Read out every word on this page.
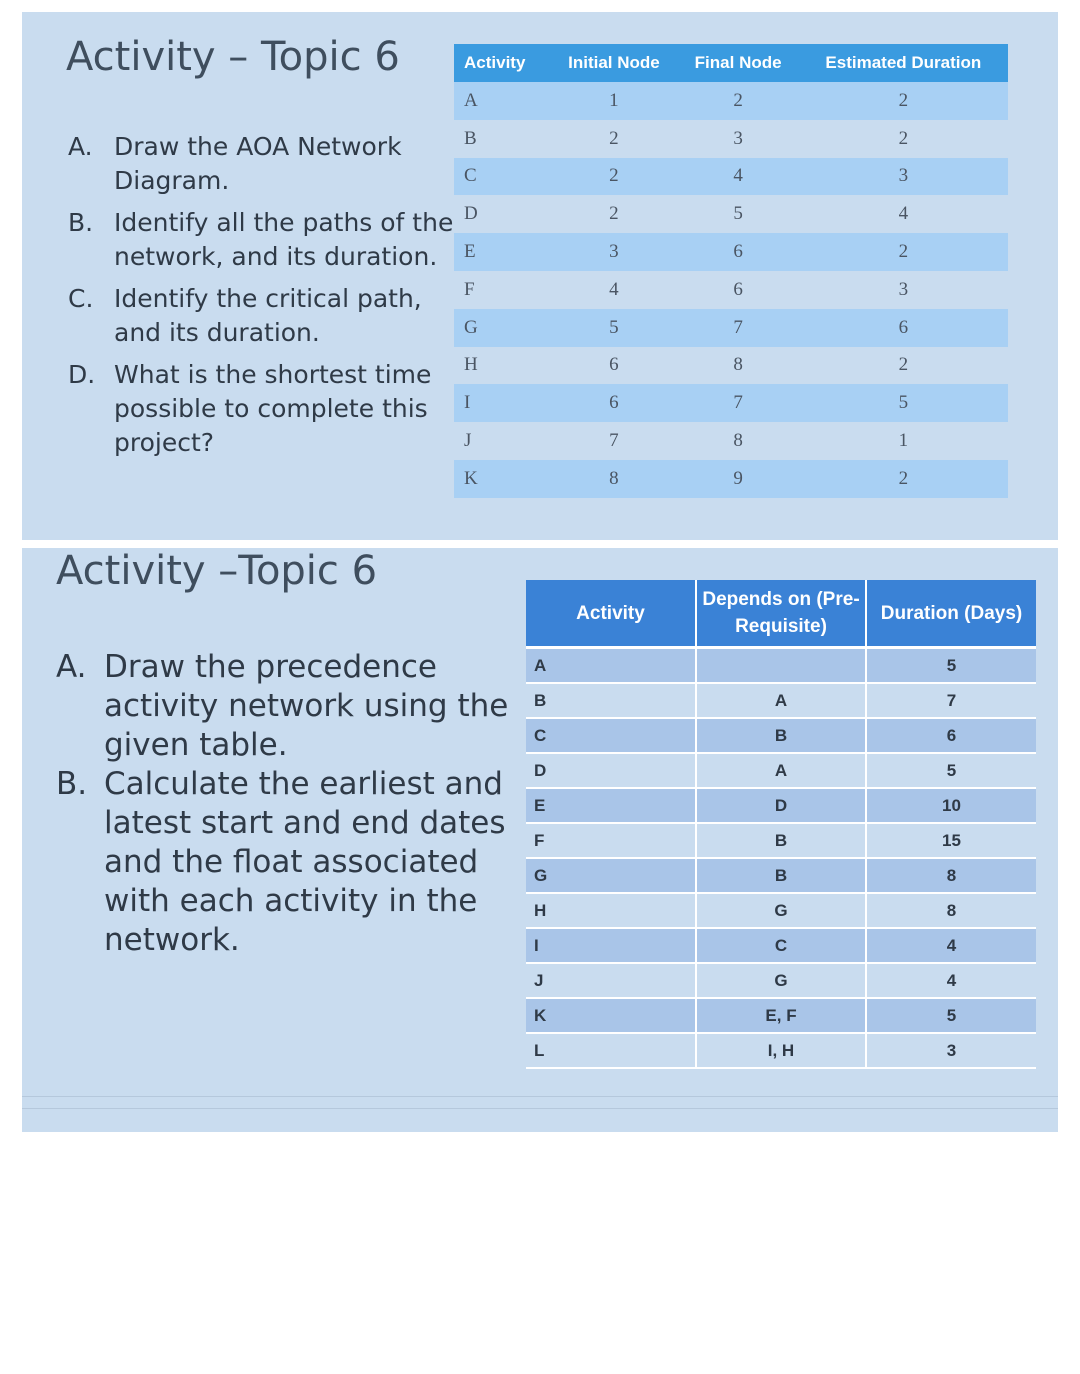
Activity – Topic 6
A. Draw the AOA Network Diagram.
B. Identify all the paths of the network, and its duration.
C. Identify the critical path, and its duration.
D. What is the shortest time possible to complete this project?
Activity	Initial Node	Final Node	Estimated Duration
A	1	2	2
B	2	3	2
C	2	4	3
D	2	5	4
E	3	6	2
F	4	6	3
G	5	7	6
H	6	8	2
I	6	7	5
J	7	8	1
K	8	9	2
Activity –Topic 6
A. Draw the precedence activity network using the given table.
B. Calculate the earliest and latest start and end dates and the float associated with each activity in the network.
Activity	Depends on (Pre-Requisite)	Duration (Days)
A		5
B	A	7
C	B	6
D	A	5
E	D	10
F	B	15
G	B	8
H	G	8
I	C	4
J	G	4
K	E, F	5
L	I, H	3
